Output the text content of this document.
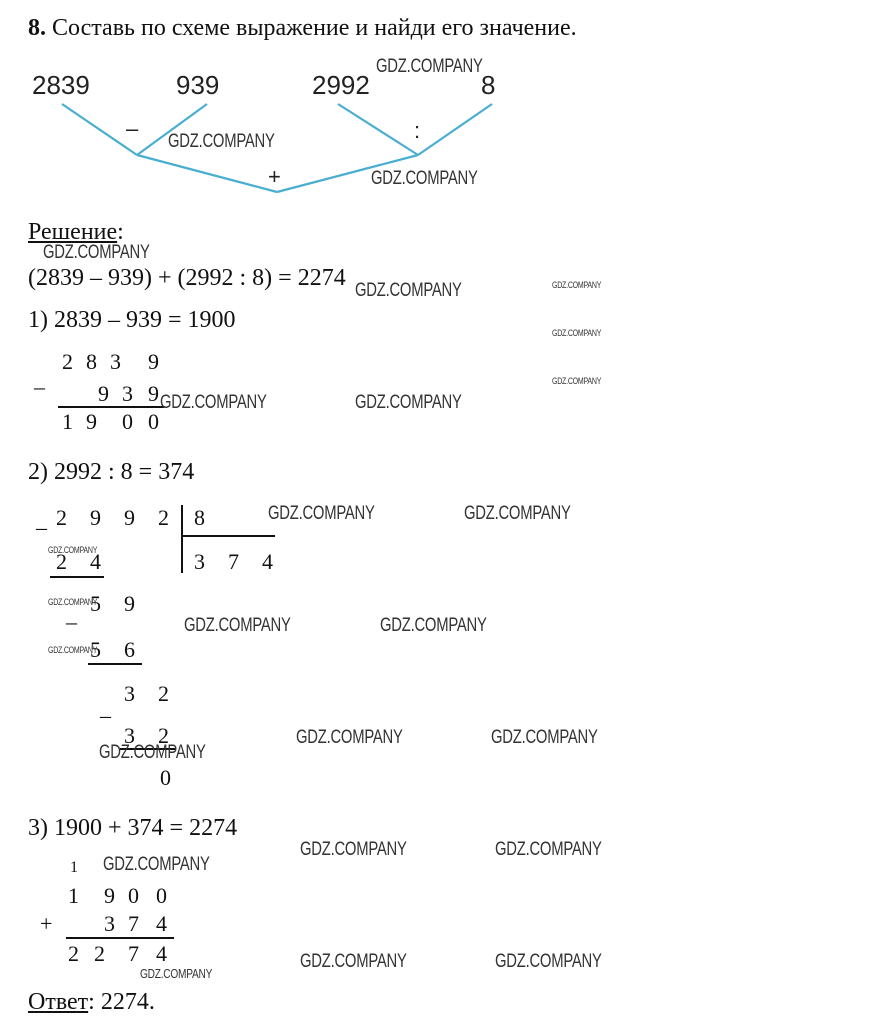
8. Составь по схеме выражение и найди его значение.
2839	939	2992	8
–	:
+
Решение:
(2839 – 939) + (2992 : 8) = 2274
1) 2839 – 939 = 1900
2 8 3 9
– 9 3 9
1 9 0 0
2) 2992 : 8 = 374
_ 2 9 9 2 8
3 7 4
2 4
5 9
–
5 6
3 2
_
3 2
0
3) 1900 + 374 = 2274
1
1 9 0 0
+ 3 7 4
2 2 7 4
Ответ: 2274.
GDZ.COMPANY
GDZ.COMPANY
GDZ.COMPANY
GDZ.COMPANY
GDZ.COMPANY	GDZ.COMPANY
GDZ.COMPANY
GDZ.COMPANY
GDZ.COMPANY	GDZ.COMPANY
GDZ.COMPANY	GDZ.COMPANY
GDZ.COMPANY
GDZ.COMPANY
GDZ.COMPANY
GDZ.COMPANY	GDZ.COMPANY
GDZ.COMPANY	GDZ.COMPANY
GDZ.COMPANY
GDZ.COMPANY	GDZ.COMPANY
GDZ.COMPANY
GDZ.COMPANY	GDZ.COMPANY
GDZ.COMPANY
